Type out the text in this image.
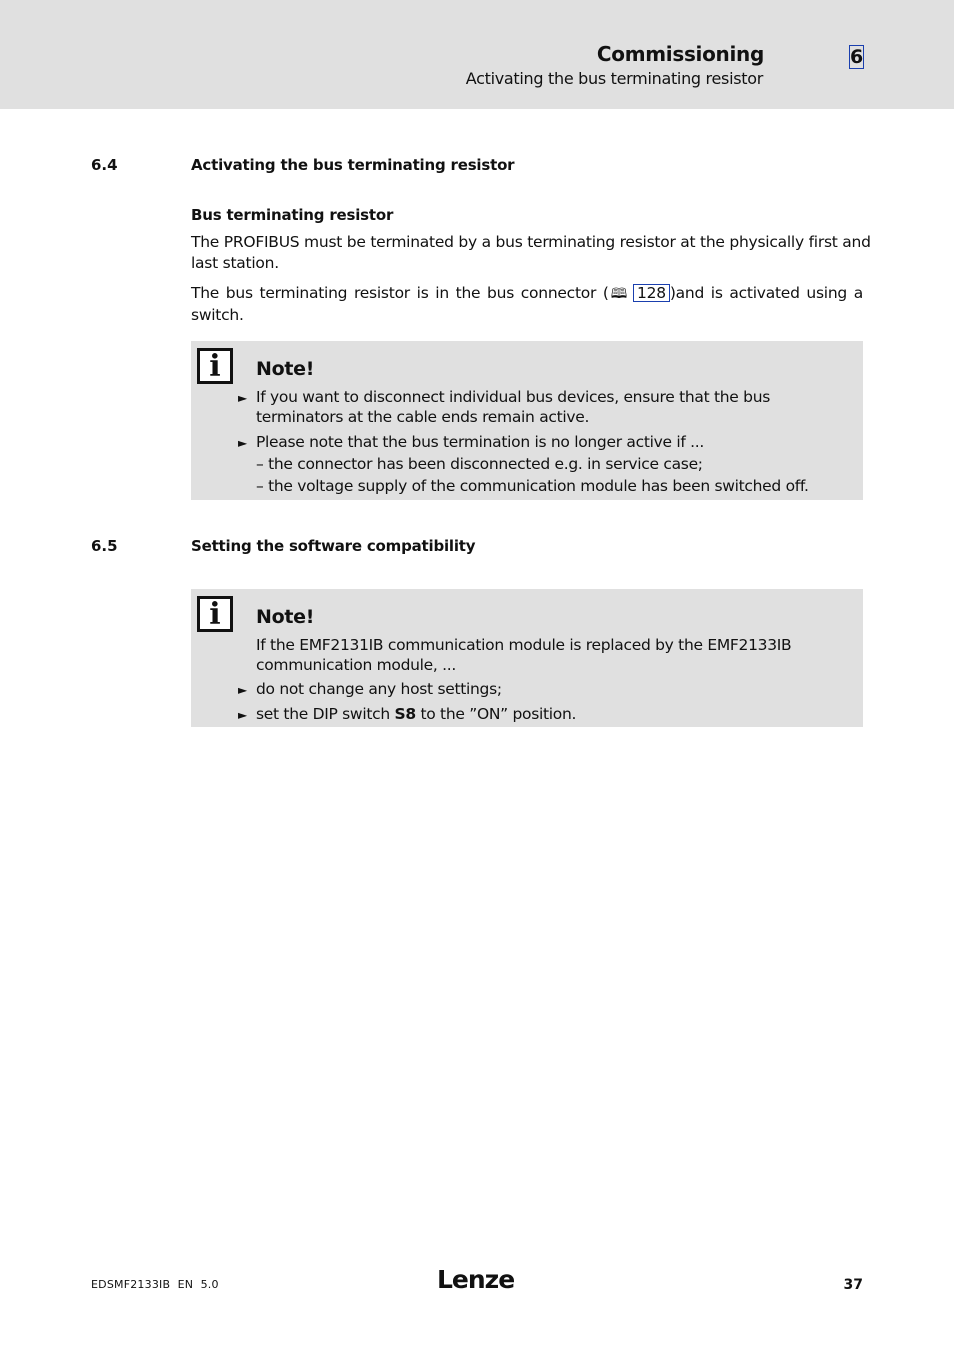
Commissioning
Activating the bus terminating resistor
6
6.4	Activating the bus terminating resistor
Bus terminating resistor
The PROFIBUS must be terminated by a bus terminating resistor at the physically first and
last station.
The bus terminating resistor is in the bus connector (🕮 128 )and is activated using a switch.
i	Note!
► If you want to disconnect individual bus devices, ensure that the bus
terminators at the cable ends remain active.
► Please note that the bus termination is no longer active if ...
– the connector has been disconnected e.g. in service case;
– the voltage supply of the communication module has been switched off.
6.5	Setting the software compatibility
i	Note!
If the EMF2131IB communication module is replaced by the EMF2133IB
communication module, ...
► do not change any host settings;
► set the DIP switch S8 to the ”ON” position.
EDSMF2133IB  EN  5.0	Lenze	37
